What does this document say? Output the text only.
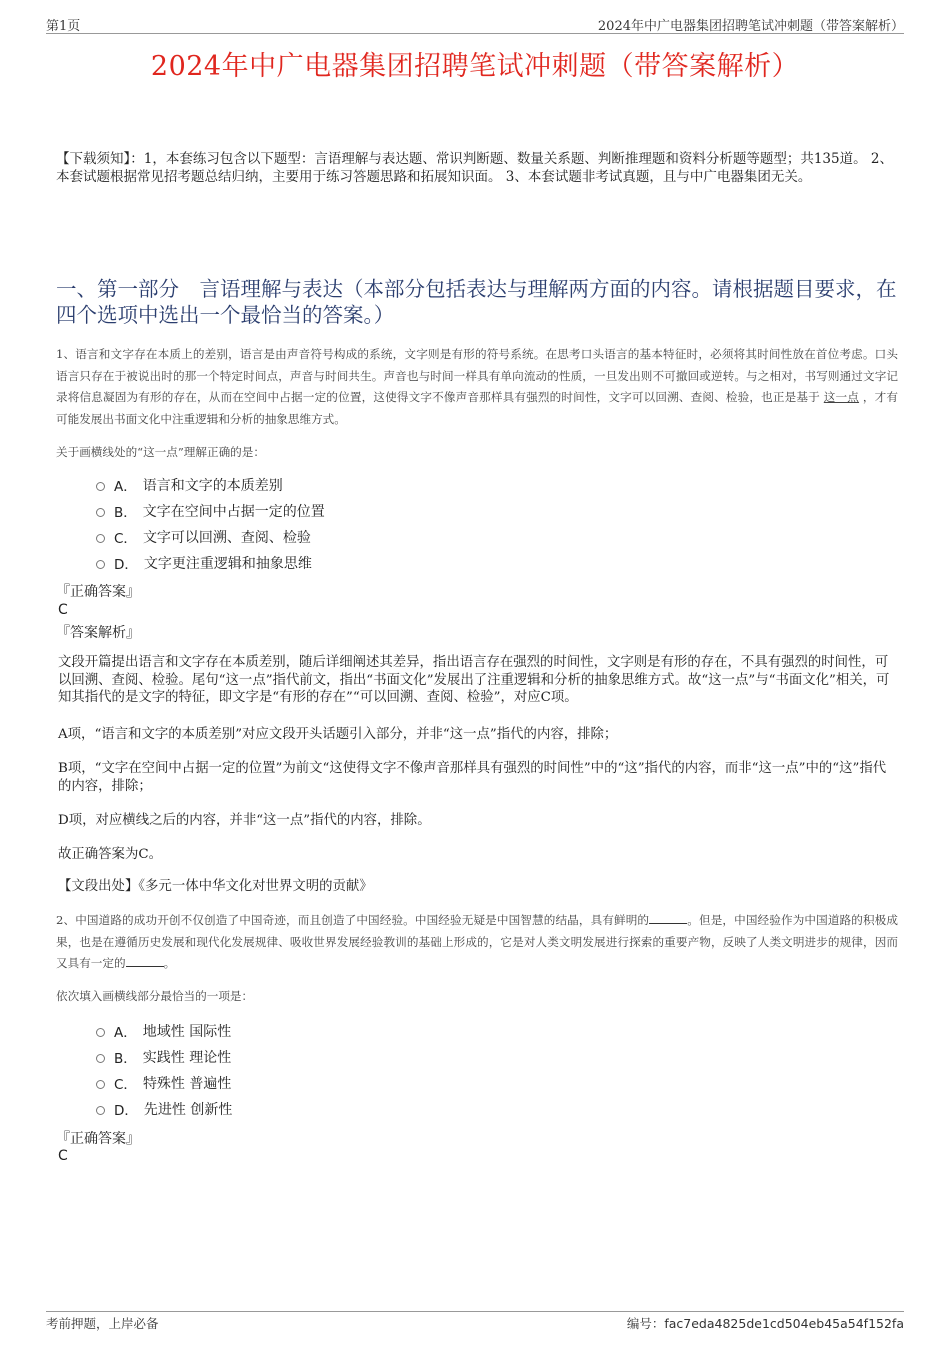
第1页	2024年中广电器集团招聘笔试冲刺题（带答案解析）
2024年中广电器集团招聘笔试冲刺题（带答案解析）
【下载须知】：1，本套练习包含以下题型：言语理解与表达题、常识判断题、数量关系题、判断推理题和资料分析题等题型；共135道。 2、本套试题根据常见招考题总结归纳，主要用于练习答题思路和拓展知识面。 3、本套试题非考试真题，且与中广电器集团无关。
一、第一部分　言语理解与表达（本部分包括表达与理解两方面的内容。请根据题目要求，在四个选项中选出一个最恰当的答案。）
1、语言和文字存在本质上的差别，语言是由声音符号构成的系统，文字则是有形的符号系统。在思考口头语言的基本特征时，必须将其时间性放在首位考虑。口头语言只存在于被说出时的那一个特定时间点，声音与时间共生。声音也与时间一样具有单向流动的性质，一旦发出则不可撤回或逆转。与之相对，书写则通过文字记录将信息凝固为有形的存在，从而在空间中占据一定的位置，这使得文字不像声音那样具有强烈的时间性，文字可以回溯、查阅、检验，也正是基于 这一点 ，才有可能发展出书面文化中注重逻辑和分析的抽象思维方式。
关于画横线处的“这一点”理解正确的是：
A． 语言和文字的本质差别
B． 文字在空间中占据一定的位置
C． 文字可以回溯、查阅、检验
D． 文字更注重逻辑和抽象思维
『正确答案』
C
『答案解析』
文段开篇提出语言和文字存在本质差别，随后详细阐述其差异，指出语言存在强烈的时间性，文字则是有形的存在，不具有强烈的时间性，可以回溯、查阅、检验。尾句“这一点”指代前文，指出“书面文化”发展出了注重逻辑和分析的抽象思维方式。故“这一点”与“书面文化”相关，可知其指代的是文字的特征，即文字是“有形的存在”“可以回溯、查阅、检验”，对应C项。
A项，“语言和文字的本质差别”对应文段开头话题引入部分，并非“这一点”指代的内容，排除；
B项，“文字在空间中占据一定的位置”为前文“这使得文字不像声音那样具有强烈的时间性”中的“这”指代的内容，而非“这一点”中的“这”指代的内容，排除；
D项，对应横线之后的内容，并非“这一点”指代的内容，排除。
故正确答案为C。
【文段出处】《多元一体中华文化对世界文明的贡献》
2、中国道路的成功开创不仅创造了中国奇迹，而且创造了中国经验。中国经验无疑是中国智慧的结晶，具有鲜明的	。但是，中国经验作为中国道路的积极成果，也是在遵循历史发展和现代化发展规律、吸收世界发展经验教训的基础上形成的，它是对人类文明发展进行探索的重要产物，反映了人类文明进步的规律，因而又具有一定的	。
依次填入画横线部分最恰当的一项是：
A． 地域性 国际性
B． 实践性 理论性
C． 特殊性 普遍性
D． 先进性 创新性
『正确答案』
C
考前押题，上岸必备	编号：fac7eda4825de1cd504eb45a54f152fa
